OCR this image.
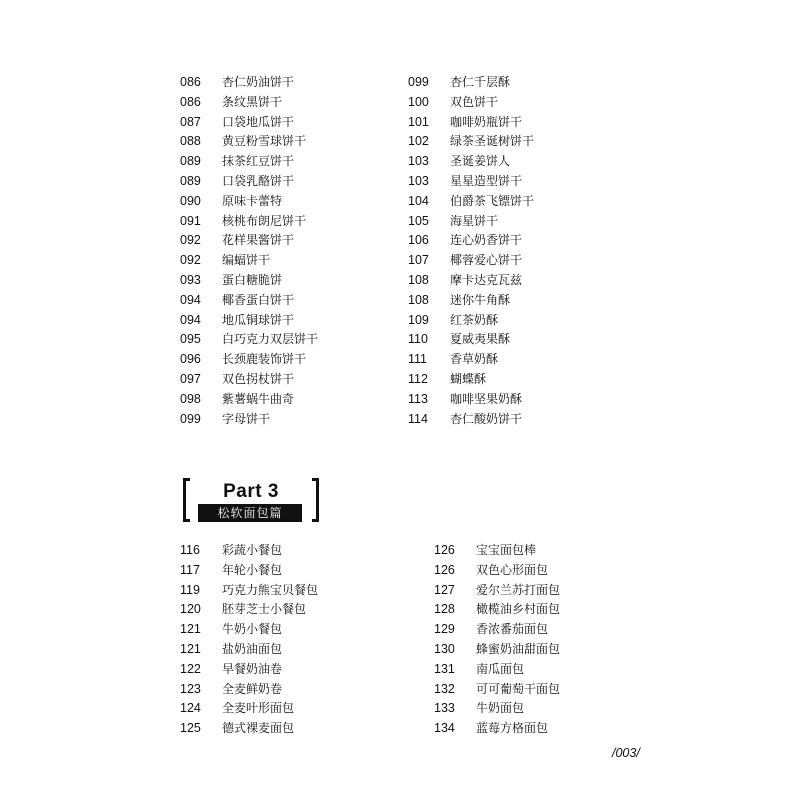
086 杏仁奶油饼干
086 条纹黑饼干
087 口袋地瓜饼干
088 黄豆粉雪球饼干
089 抹茶红豆饼干
089 口袋乳酪饼干
090 原味卡蕾特
091 核桃布朗尼饼干
092 花样果酱饼干
092 编蝠饼干
093 蛋白糖脆饼
094 椰香蛋白饼干
094 地瓜铜球饼干
095 白巧克力双层饼干
096 长颈鹿装饰饼干
097 双色拐杖饼干
098 紫薯蜗牛曲奇
099 字母饼干
099 杏仁千层酥
100 双色饼干
101 咖啡奶瓶饼干
102 绿茶圣诞树饼干
103 圣诞姜饼人
103 星星造型饼干
104 伯爵茶飞镖饼干
105 海星饼干
106 连心奶香饼干
107 椰蓉爱心饼干
108 摩卡达克瓦兹
108 迷你牛角酥
109 红茶奶酥
110 夏威夷果酥
111 香草奶酥
112 蝴蝶酥
113 咖啡坚果奶酥
114 杏仁酸奶饼干
Part 3
松软面包篇
116 彩蔬小餐包
117 年轮小餐包
119 巧克力熊宝贝餐包
120 胚芽芝士小餐包
121 牛奶小餐包
121 盐奶油面包
122 早餐奶油卷
123 全麦鲜奶卷
124 全麦叶形面包
125 德式裸麦面包
126 宝宝面包棒
126 双色心形面包
127 爱尔兰苏打面包
128 橄榄油乡村面包
129 香浓番茄面包
130 蜂蜜奶油甜面包
131 南瓜面包
132 可可葡萄干面包
133 牛奶面包
134 蓝莓方格面包
/003/
